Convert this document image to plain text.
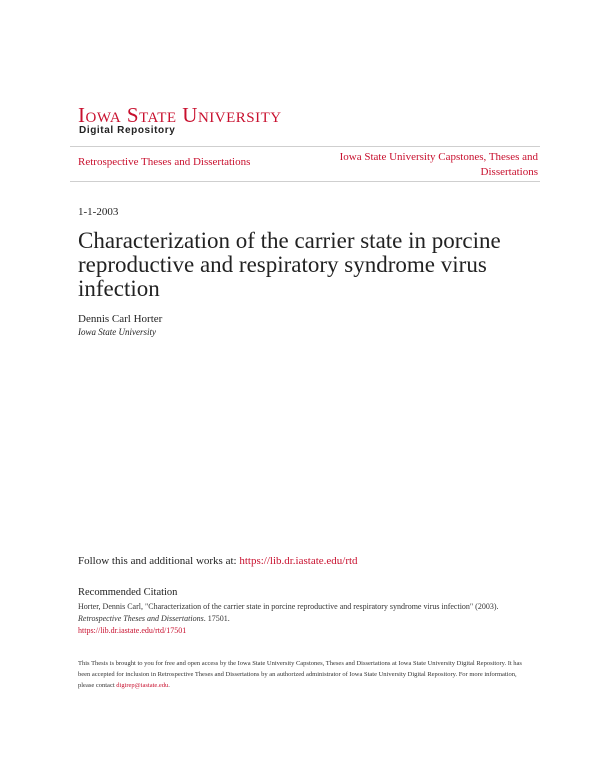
Iowa State University
Digital Repository
Retrospective Theses and Dissertations	Iowa State University Capstones, Theses and Dissertations
1-1-2003
Characterization of the carrier state in porcine reproductive and respiratory syndrome virus infection
Dennis Carl Horter
Iowa State University
Follow this and additional works at: https://lib.dr.iastate.edu/rtd
Recommended Citation
Horter, Dennis Carl, "Characterization of the carrier state in porcine reproductive and respiratory syndrome virus infection" (2003).
Retrospective Theses and Dissertations. 17501.
https://lib.dr.iastate.edu/rtd/17501
This Thesis is brought to you for free and open access by the Iowa State University Capstones, Theses and Dissertations at Iowa State University Digital Repository. It has been accepted for inclusion in Retrospective Theses and Dissertations by an authorized administrator of Iowa State University Digital Repository. For more information, please contact digirep@iastate.edu.
